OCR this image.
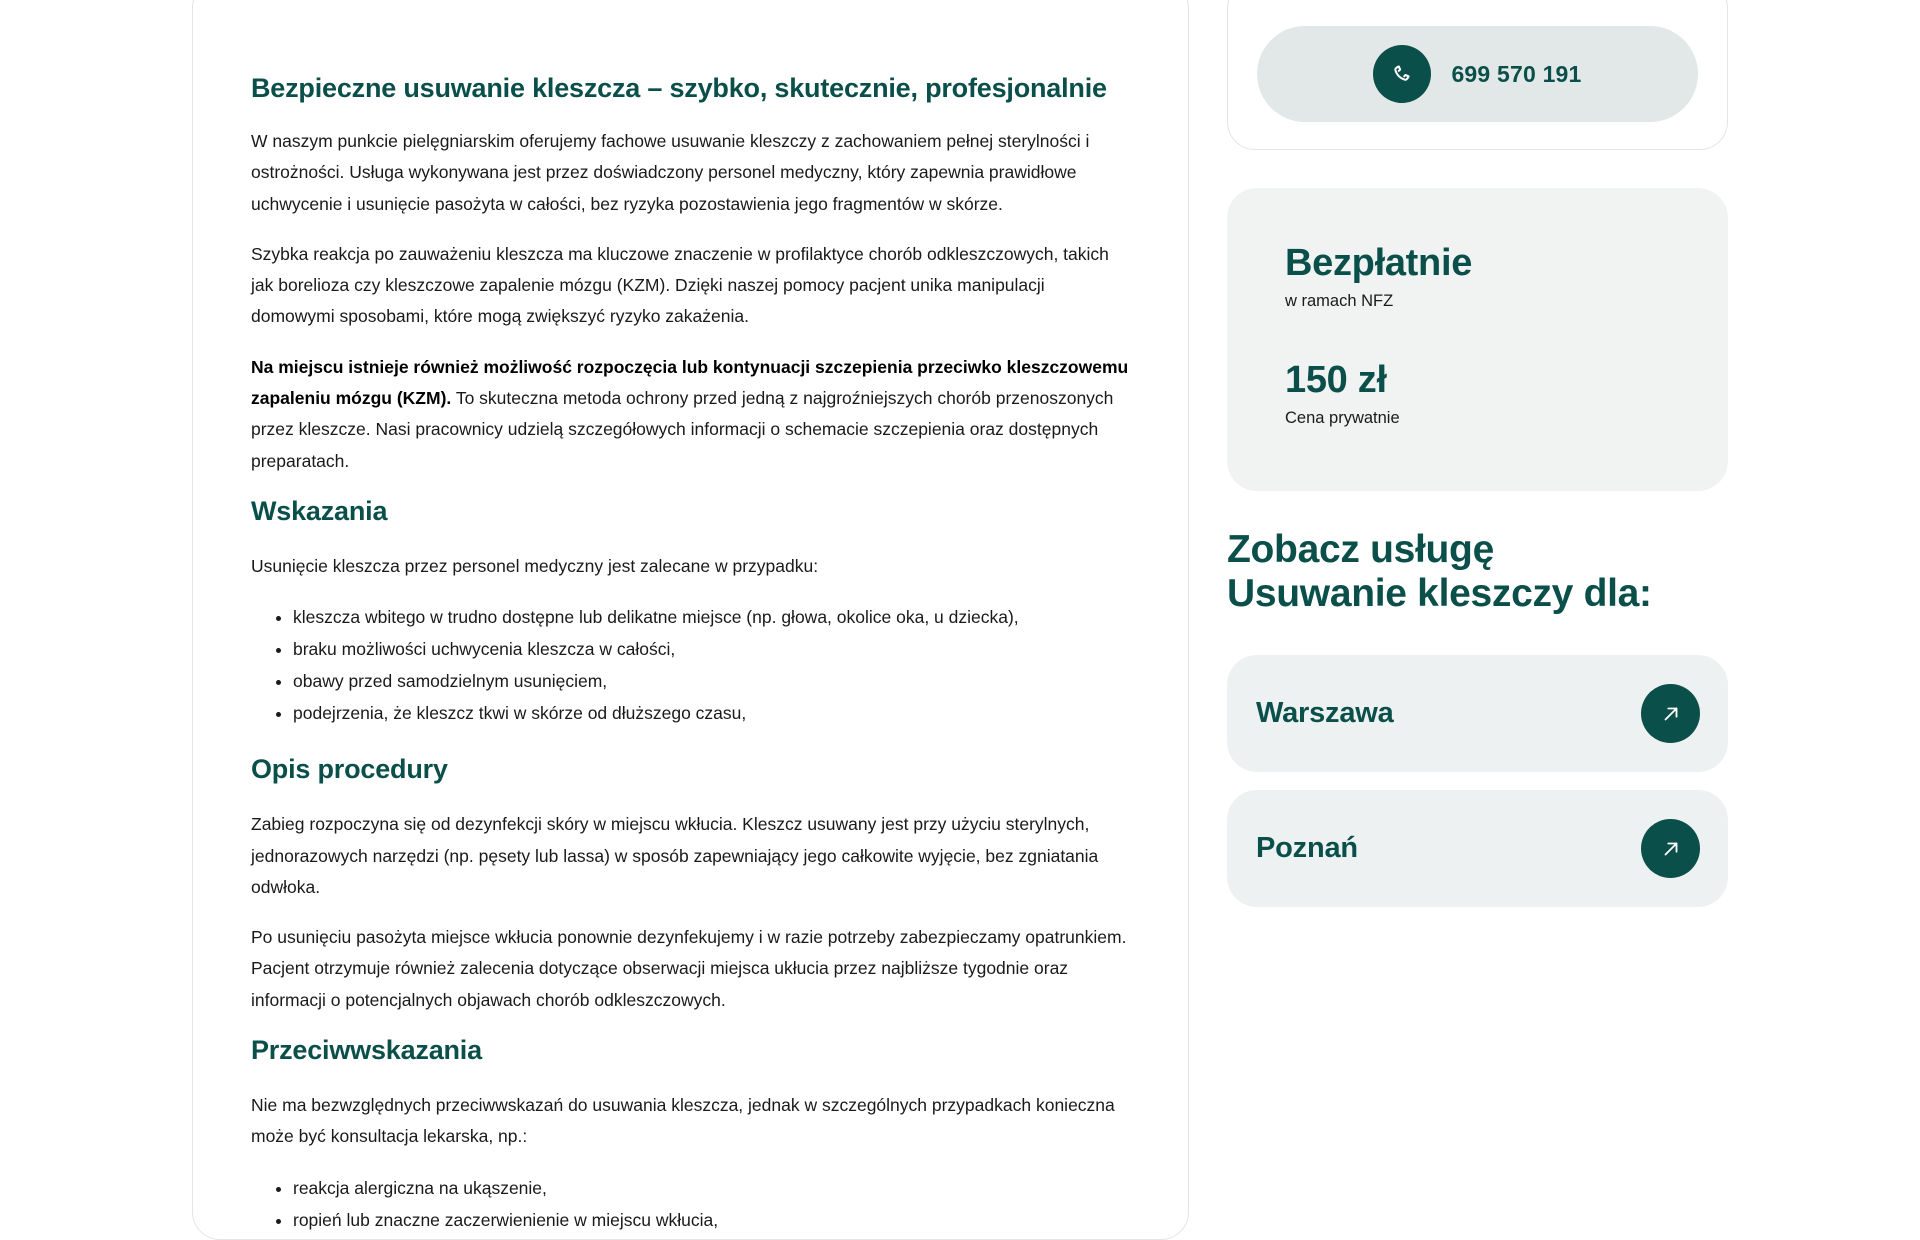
Bezpieczne usuwanie kleszcza – szybko, skutecznie, profesjonalnie

W naszym punkcie pielęgniarskim oferujemy fachowe usuwanie kleszczy z zachowaniem pełnej sterylności i ostrożności. Usługa wykonywana jest przez doświadczony personel medyczny, który zapewnia prawidłowe uchwycenie i usunięcie pasożyta w całości, bez ryzyka pozostawienia jego fragmentów w skórze.

Szybka reakcja po zauważeniu kleszcza ma kluczowe znaczenie w profilaktyce chorób odkleszczowych, takich jak borelioza czy kleszczowe zapalenie mózgu (KZM). Dzięki naszej pomocy pacjent unika manipulacji domowymi sposobami, które mogą zwiększyć ryzyko zakażenia.

Na miejscu istnieje również możliwość rozpoczęcia lub kontynuacji szczepienia przeciwko kleszczowemu zapaleniu mózgu (KZM). To skuteczna metoda ochrony przed jedną z najgroźniejszych chorób przenoszonych przez kleszcze. Nasi pracownicy udzielą szczegółowych informacji o schemacie szczepienia oraz dostępnych preparatach.

Wskazania

Usunięcie kleszcza przez personel medyczny jest zalecane w przypadku:

• kleszcza wbitego w trudno dostępne lub delikatne miejsce (np. głowa, okolice oka, u dziecka),
• braku możliwości uchwycenia kleszcza w całości,
• obawy przed samodzielnym usunięciem,
• podejrzenia, że kleszcz tkwi w skórze od dłuższego czasu,
Opis procedury

Zabieg rozpoczyna się od dezynfekcji skóry w miejscu wkłucia. Kleszcz usuwany jest przy użyciu sterylnych, jednorazowych narzędzi (np. pęsety lub lassa) w sposób zapewniający jego całkowite wyjęcie, bez zgniatania odwłoka.

Po usunięciu pasożyta miejsce wkłucia ponownie dezynfekujemy i w razie potrzeby zabezpieczamy opatrunkiem. Pacjent otrzymuje również zalecenia dotyczące obserwacji miejsca ukłucia przez najbliższe tygodnie oraz informacji o potencjalnych objawach chorób odkleszczowych.

Przeciwwskazania

Nie ma bezwzględnych przeciwwskazań do usuwania kleszcza, jednak w szczególnych przypadkach konieczna może być konsultacja lekarska, np.:

• reakcja alergiczna na ukąszenie,
• ropień lub znaczne zaczerwienienie w miejscu wkłucia,
699 570 191
Bezpłatnie
w ramach NFZ
150 zł
Cena prywatnie
Zobacz usługę
Usuwanie kleszczy dla:
Warszawa
Poznań
